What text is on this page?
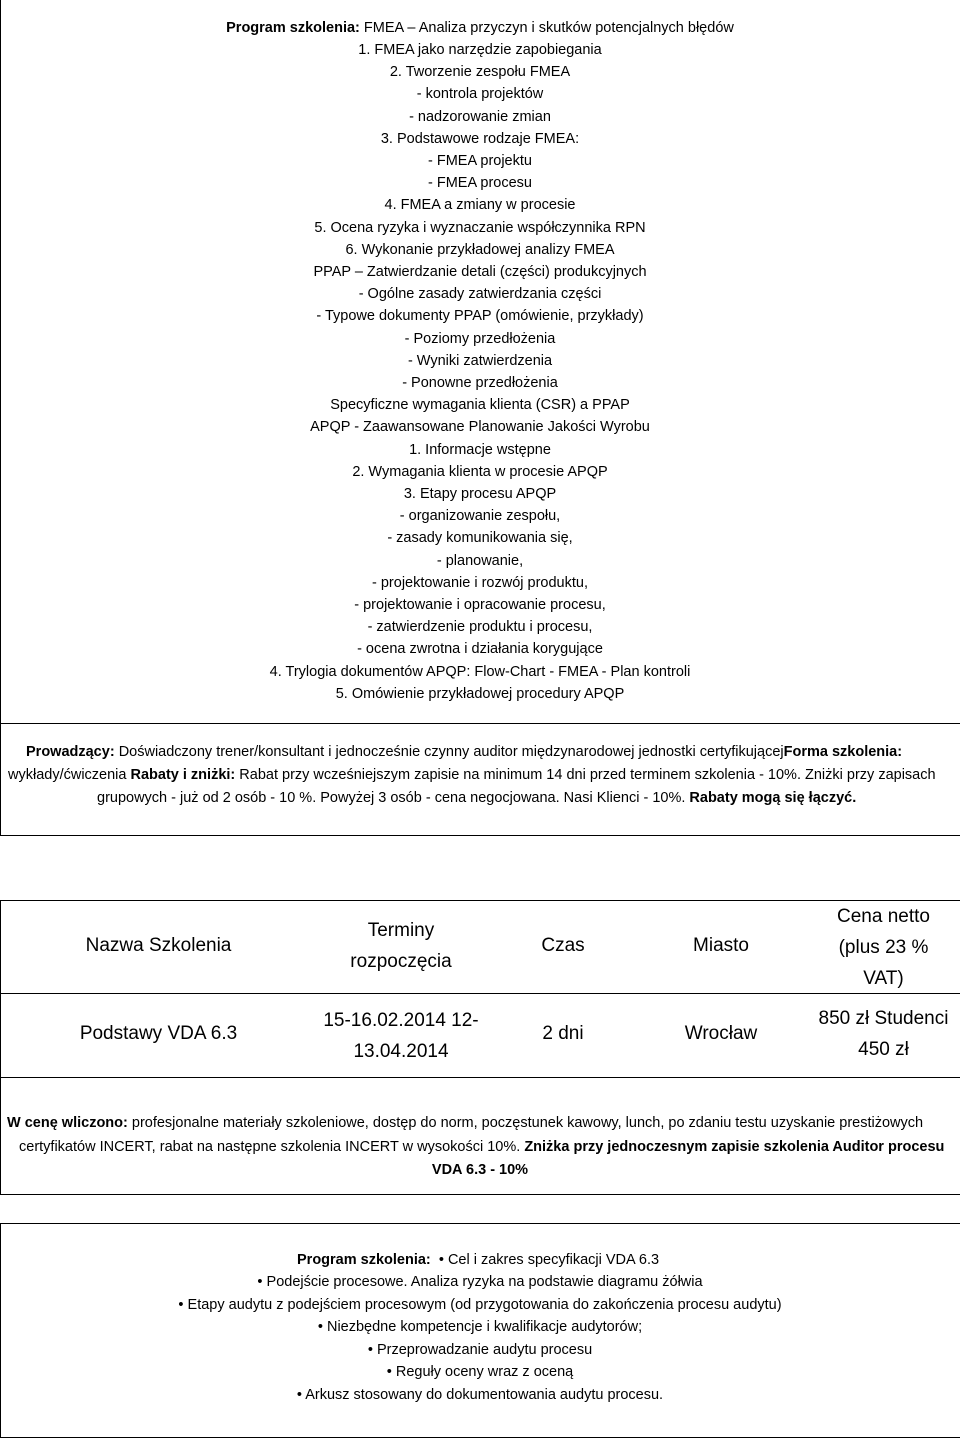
Program szkolenia: FMEA – Analiza przyczyn i skutków potencjalnych błędów
1. FMEA jako narzędzie zapobiegania
2. Tworzenie zespołu FMEA
- kontrola projektów
- nadzorowanie zmian
3. Podstawowe rodzaje FMEA:
- FMEA projektu
- FMEA procesu
4. FMEA a zmiany w procesie
5. Ocena ryzyka i wyznaczanie współczynnika RPN
6. Wykonanie przykładowej analizy FMEA
PPAP – Zatwierdzanie detali (części) produkcyjnych
- Ogólne zasady zatwierdzania części
- Typowe dokumenty PPAP (omówienie, przykłady)
- Poziomy przedłożenia
- Wyniki zatwierdzenia
- Ponowne przedłożenia
Specyficzne wymagania klienta (CSR) a PPAP
APQP - Zaawansowane Planowanie Jakości Wyrobu
1. Informacje wstępne
2. Wymagania klienta w procesie APQP
3. Etapy procesu APQP
- organizowanie zespołu,
- zasady komunikowania się,
- planowanie,
- projektowanie i rozwój produktu,
- projektowanie i opracowanie procesu,
- zatwierdzenie produktu i procesu,
- ocena zwrotna i działania korygujące
4. Trylogia dokumentów APQP: Flow-Chart - FMEA - Plan kontroli
5. Omówienie przykładowej procedury APQP
Prowadzący: Doświadczony trener/konsultant i jednocześnie czynny auditor międzynarodowej jednostki certyfikującejForma szkolenia:
wykłady/ćwiczenia Rabaty i zniżki: Rabat przy wcześniejszym zapisie na minimum 14 dni przed terminem szkolenia - 10%. Zniżki przy zapisach
grupowych - już od 2 osób - 10 %. Powyżej 3 osób - cena negocjowana. Nasi Klienci - 10%. Rabaty mogą się łączyć.
Nazwa Szkolenia
Terminy
rozpoczęcia
Czas	Miasto
Cena netto
(plus 23 %
VAT)
Podstawy VDA 6.3
15-16.02.2014 12-
13.04.2014
2 dni	Wrocław
850 zł Studenci
450 zł
W cenę wliczono: profesjonalne materiały szkoleniowe, dostęp do norm, poczęstunek kawowy, lunch, po zdaniu testu uzyskanie prestiżowych
certyfikatów INCERT, rabat na następne szkolenia INCERT w wysokości 10%. Zniżka przy jednoczesnym zapisie szkolenia Auditor procesu
VDA 6.3 - 10%
Program szkolenia:  • Cel i zakres specyfikacji VDA 6.3
• Podejście procesowe. Analiza ryzyka na podstawie diagramu żółwia
• Etapy audytu z podejściem procesowym (od przygotowania do zakończenia procesu audytu)
• Niezbędne kompetencje i kwalifikacje audytorów;
• Przeprowadzanie audytu procesu
• Reguły oceny wraz z oceną
• Arkusz stosowany do dokumentowania audytu procesu.
